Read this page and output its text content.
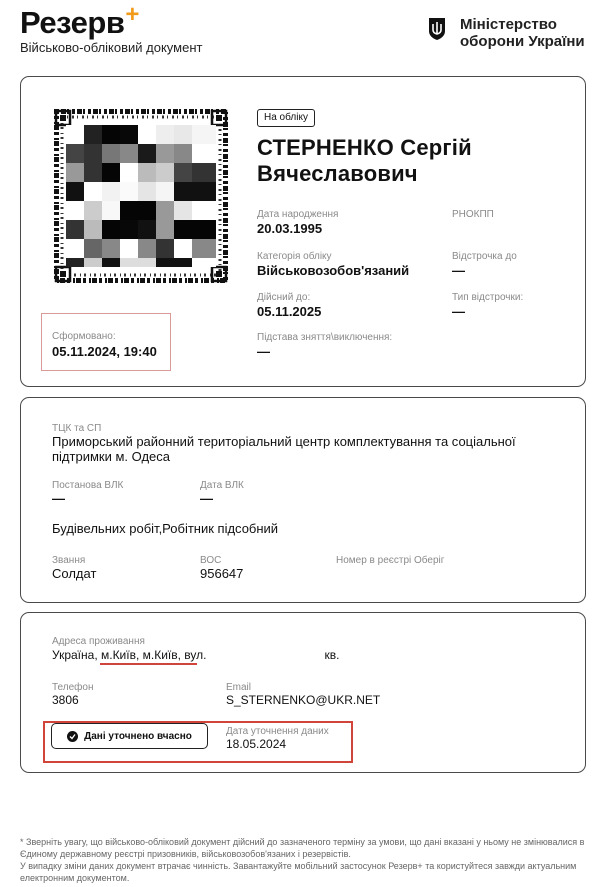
Резерв+
Військово-обліковий документ
Міністерство
оборони України
Сформовано:
05.11.2024, 19:40
На обліку
СТЕРНЕНКО Сергій
Вячеславович
Дата народження
20.03.1995
РНОКПП
Категорія обліку
Військовозобов'язаний
Відстрочка до
—
Дійсний до:
05.11.2025
Тип відстрочки:
—
Підстава зняття\виключення:
—
ТЦК та СП
Приморський районний територіальний центр комплектування та соціальної підтримки м. Одеса
Постанова ВЛК
—
Дата ВЛК
—
Будівельних робіт,Робітник підсобний
Звання
Солдат
ВОС
956647
Номер в реєстрі Оберіг
Адреса проживання
Україна, м.Київ, м.Київ, вул.	кв.
Телефон
3806
Email
S_STERNENKO@UKR.NET
Дані уточнено вчасно	Дата уточнення даних
18.05.2024
* Зверніть увагу, що військово-обліковий документ дійсний до зазначеного терміну за умови, що дані вказані у ньому не змінювалися в Єдиному державному реєстрі призовників, військовозобов'язаних і резервістів.
У випадку зміни даних документ втрачає чинність. Завантажуйте мобільний застосунок Резерв+ та користуйтеся завжди актуальним електронним документом.
